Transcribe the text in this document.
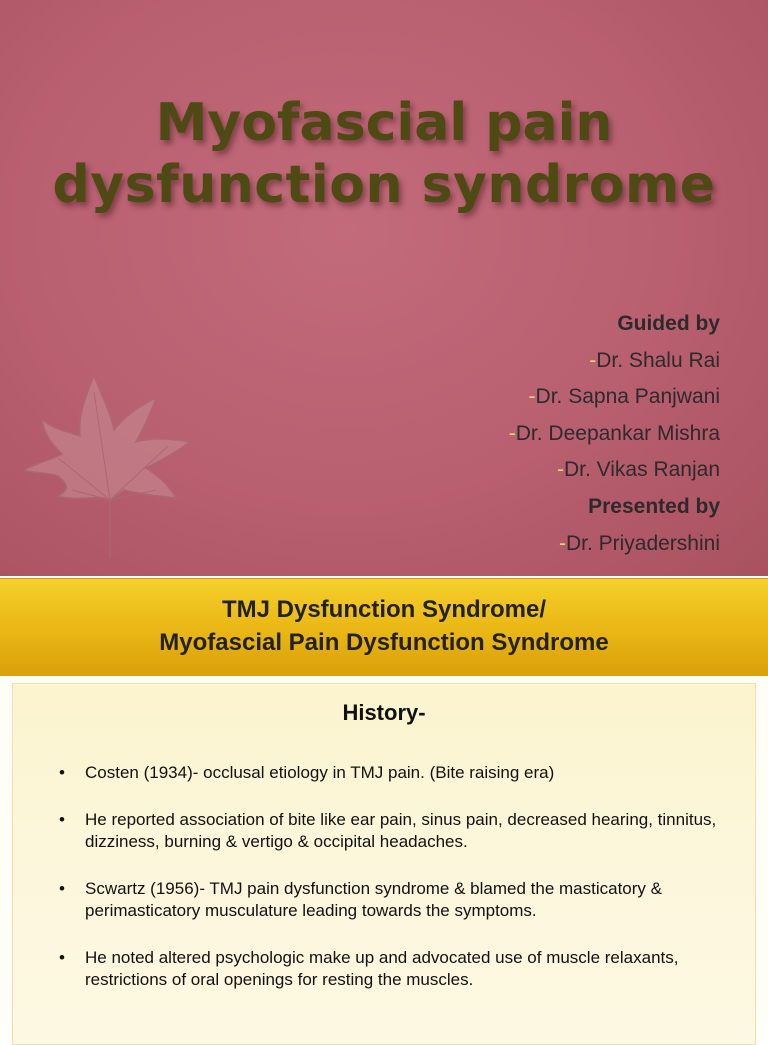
Myofascial pain
dysfunction syndrome
Guided by
-Dr. Shalu Rai
-Dr. Sapna Panjwani
-Dr. Deepankar Mishra
-Dr. Vikas Ranjan
Presented by
-Dr. Priyadershini
TMJ Dysfunction Syndrome/
Myofascial Pain Dysfunction Syndrome
History-
• Costen (1934)- occlusal etiology in TMJ pain. (Bite raising era)
• He reported association of bite like ear pain, sinus pain, decreased hearing, tinnitus, dizziness, burning & vertigo & occipital headaches.
• Scwartz (1956)- TMJ pain dysfunction syndrome & blamed the masticatory & perimasticatory musculature leading towards the symptoms.
• He noted altered psychologic make up and advocated use of muscle relaxants, restrictions of oral openings for resting the muscles.
